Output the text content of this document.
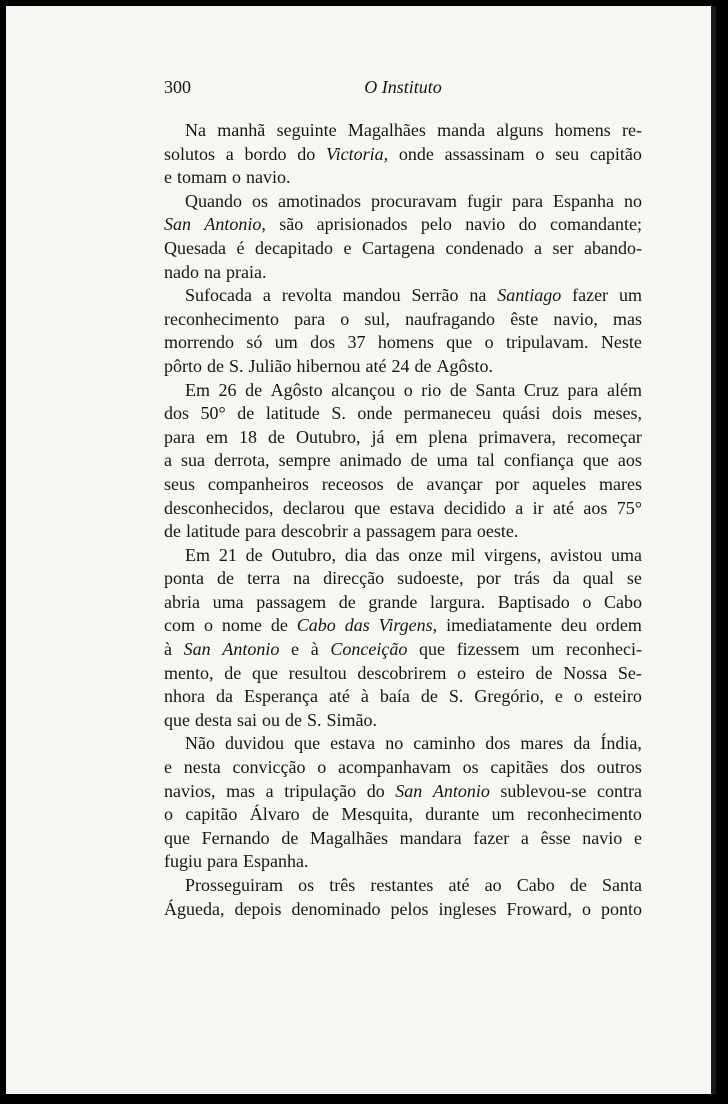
300	O Instituto
Na manhã seguinte Magalhães manda alguns homens re-
solutos a bordo do Victoria, onde assassinam o seu capitão
e tomam o navio.
Quando os amotinados procuravam fugir para Espanha no
San Antonio, são aprisionados pelo navio do comandante;
Quesada é decapitado e Cartagena condenado a ser abando-
nado na praia.
Sufocada a revolta mandou Serrão na Santiago fazer um
reconhecimento para o sul, naufragando êste navio, mas
morrendo só um dos 37 homens que o tripulavam. Neste
pôrto de S. Julião hibernou até 24 de Agôsto.
Em 26 de Agôsto alcançou o rio de Santa Cruz para além
dos 50° de latitude S. onde permaneceu quási dois meses,
para em 18 de Outubro, já em plena primavera, recomeçar
a sua derrota, sempre animado de uma tal confiança que aos
seus companheiros receosos de avançar por aqueles mares
desconhecidos, declarou que estava decidido a ir até aos 75°
de latitude para descobrir a passagem para oeste.
Em 21 de Outubro, dia das onze mil virgens, avistou uma
ponta de terra na direcção sudoeste, por trás da qual se
abria uma passagem de grande largura. Baptisado o Cabo
com o nome de Cabo das Virgens, imediatamente deu ordem
à San Antonio e à Conceição que fizessem um reconheci-
mento, de que resultou descobrirem o esteiro de Nossa Se-
nhora da Esperança até à baía de S. Gregório, e o esteiro
que desta sai ou de S. Simão.
Não duvidou que estava no caminho dos mares da Índia,
e nesta convicção o acompanhavam os capitães dos outros
navios, mas a tripulação do San Antonio sublevou-se contra
o capitão Álvaro de Mesquita, durante um reconhecimento
que Fernando de Magalhães mandara fazer a êsse navio e
fugiu para Espanha.
Prosseguiram os três restantes até ao Cabo de Santa
Águeda, depois denominado pelos ingleses Froward, o ponto
